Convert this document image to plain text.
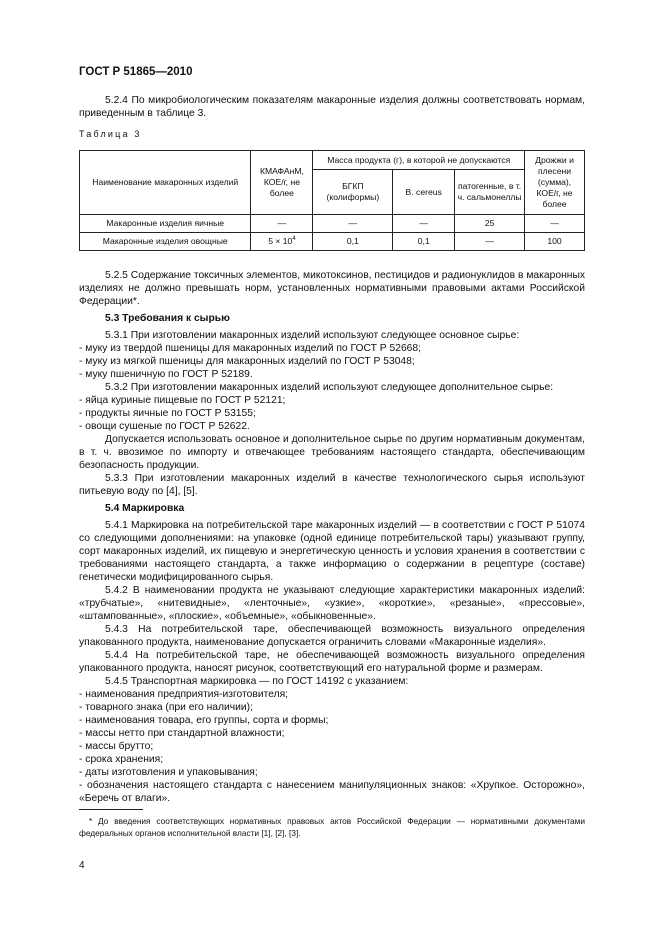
ГОСТ Р 51865—2010

5.2.4 По микробиологическим показателям макаронные изделия должны соответствовать нормам, приведенным в таблице 3.

Таблица 3
Наименование макаронных изделий	КМАФАнМ, КОЕ/г, не более	Масса продукта (г), в которой не допускаются			Дрожжи и плесени (сумма), КОЕ/г, не более
		БГКП (колиформы)	B. cereus	патогенные, в т. ч. сальмонеллы	
Макаронные изделия яичные	—	—	—	25	—
Макаронные изделия овощные	$5 \times 10^4$	0,1	0,1	—	100

5.2.5 Содержание токсичных элементов, микотоксинов, пестицидов и радионуклидов в макаронных изделиях не должно превышать норм, установленных нормативными правовыми актами Российской Федерации*.

5.3 Требования к сырью

5.3.1 При изготовлении макаронных изделий используют следующее основное сырье:

- муку из твердой пшеницы для макаронных изделий по ГОСТ Р 52668;

- муку из мягкой пшеницы для макаронных изделий по ГОСТ Р 53048;

- муку пшеничную по ГОСТ Р 52189.

5.3.2 При изготовлении макаронных изделий используют следующее дополнительное сырье:

- яйца куриные пищевые по ГОСТ Р 52121;

- продукты яичные по ГОСТ Р 53155;

- овощи сушеные по ГОСТ Р 52622.

Допускается использовать основное и дополнительное сырье по другим нормативным документам, в т. ч. ввозимое по импорту и отвечающее требованиям настоящего стандарта, обеспечивающим безопасность продукции.

5.3.3 При изготовлении макаронных изделий в качестве технологического сырья используют питьевую воду по [4], [5].

5.4 Маркировка

5.4.1 Маркировка на потребительской таре макаронных изделий — в соответствии с ГОСТ Р 51074 со следующими дополнениями: на упаковке (одной единице потребительской тары) указывают группу, сорт макаронных изделий, их пищевую и энергетическую ценность и условия хранения в соответствии с требованиями настоящего стандарта, а также информацию о содержании в рецептуре (составе) генетически модифицированного сырья.

5.4.2 В наименовании продукта не указывают следующие характеристики макаронных изделий: «трубчатые», «нитевидные», «ленточные», «узкие», «короткие», «резаные», «прессовые», «штампованные», «плоские», «объемные», «обыкновенные».

5.4.3 На потребительской таре, обеспечивающей возможность визуального определения упакованного продукта, наименование допускается ограничить словами «Макаронные изделия».

5.4.4 На потребительской таре, не обеспечивающей возможность визуального определения упакованного продукта, наносят рисунок, соответствующий его натуральной форме и размерам.

5.4.5 Транспортная маркировка — по ГОСТ 14192 с указанием:

- наименования предприятия-изготовителя;

- товарного знака (при его наличии);

- наименования товара, его группы, сорта и формы;

- массы нетто при стандартной влажности;

- массы брутто;

- срока хранения;

- даты изготовления и упаковывания;

- обозначения настоящего стандарта с нанесением манипуляционных знаков: «Хрупкое. Осторожно», «Беречь от влаги».

* До введения соответствующих нормативных правовых актов Российской Федерации — нормативными документами федеральных органов исполнительной власти [1], [2], [3].
4
